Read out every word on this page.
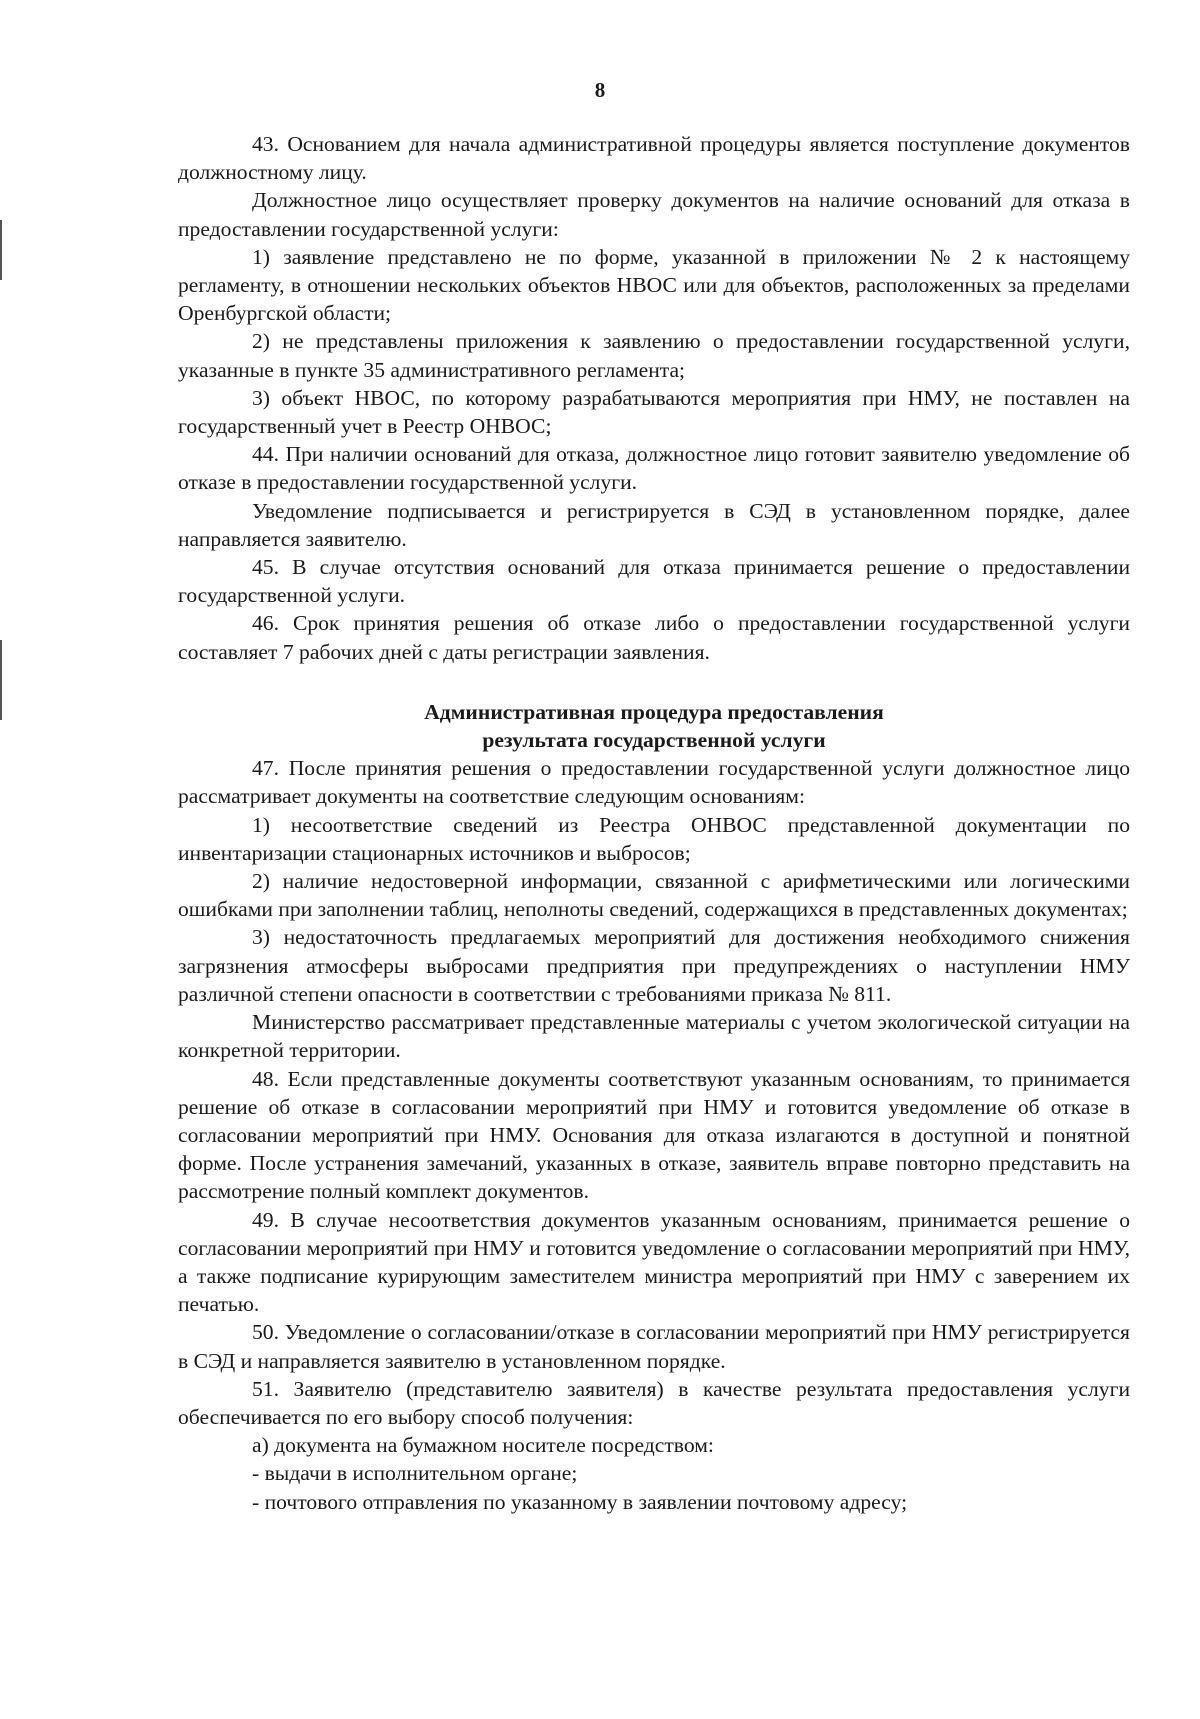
8

43. Основанием для начала административной процедуры является поступление документов должностному лицу.

Должностное лицо осуществляет проверку документов на наличие оснований для отказа в предоставлении государственной услуги:

1) заявление представлено не по форме, указанной в приложении № 2 к настоящему регламенту, в отношении нескольких объектов НВОС или для объектов, расположенных за пределами Оренбургской области;

2) не представлены приложения к заявлению о предоставлении государственной услуги, указанные в пункте 35 административного регламента;

3) объект НВОС, по которому разрабатываются мероприятия при НМУ, не поставлен на государственный учет в Реестр ОНВОС;

44. При наличии оснований для отказа, должностное лицо готовит заявителю уведомление об отказе в предоставлении государственной услуги.

Уведомление подписывается и регистрируется в СЭД в установленном порядке, далее направляется заявителю.

45. В случае отсутствия оснований для отказа принимается решение о предоставлении государственной услуги.

46. Срок принятия решения об отказе либо о предоставлении государственной услуги составляет 7 рабочих дней с даты регистрации заявления.

Административная процедура предоставления
результата государственной услуги

47. После принятия решения о предоставлении государственной услуги должностное лицо рассматривает документы на соответствие следующим основаниям:

1) несоответствие сведений из Реестра ОНВОС представленной документации по инвентаризации стационарных источников и выбросов;

2) наличие недостоверной информации, связанной с арифметическими или логическими ошибками при заполнении таблиц, неполноты сведений, содержащихся в представленных документах;

3) недостаточность предлагаемых мероприятий для достижения необходимого снижения загрязнения атмосферы выбросами предприятия при предупреждениях о наступлении НМУ различной степени опасности в соответствии с требованиями приказа № 811.

Министерство рассматривает представленные материалы с учетом экологической ситуации на конкретной территории.

48. Если представленные документы соответствуют указанным основаниям, то принимается решение об отказе в согласовании мероприятий при НМУ и готовится уведомление об отказе в согласовании мероприятий при НМУ. Основания для отказа излагаются в доступной и понятной форме. После устранения замечаний, указанных в отказе, заявитель вправе повторно представить на рассмотрение полный комплект документов.

49. В случае несоответствия документов указанным основаниям, принимается решение о согласовании мероприятий при НМУ и готовится уведомление о согласовании мероприятий при НМУ, а также подписание курирующим заместителем министра мероприятий при НМУ с заверением их печатью.

50. Уведомление о согласовании/отказе в согласовании мероприятий при НМУ регистрируется в СЭД и направляется заявителю в установленном порядке.

51. Заявителю (представителю заявителя) в качестве результата предоставления услуги обеспечивается по его выбору способ получения:

а) документа на бумажном носителе посредством:

- выдачи в исполнительном органе;

- почтового отправления по указанному в заявлении почтовому адресу;
